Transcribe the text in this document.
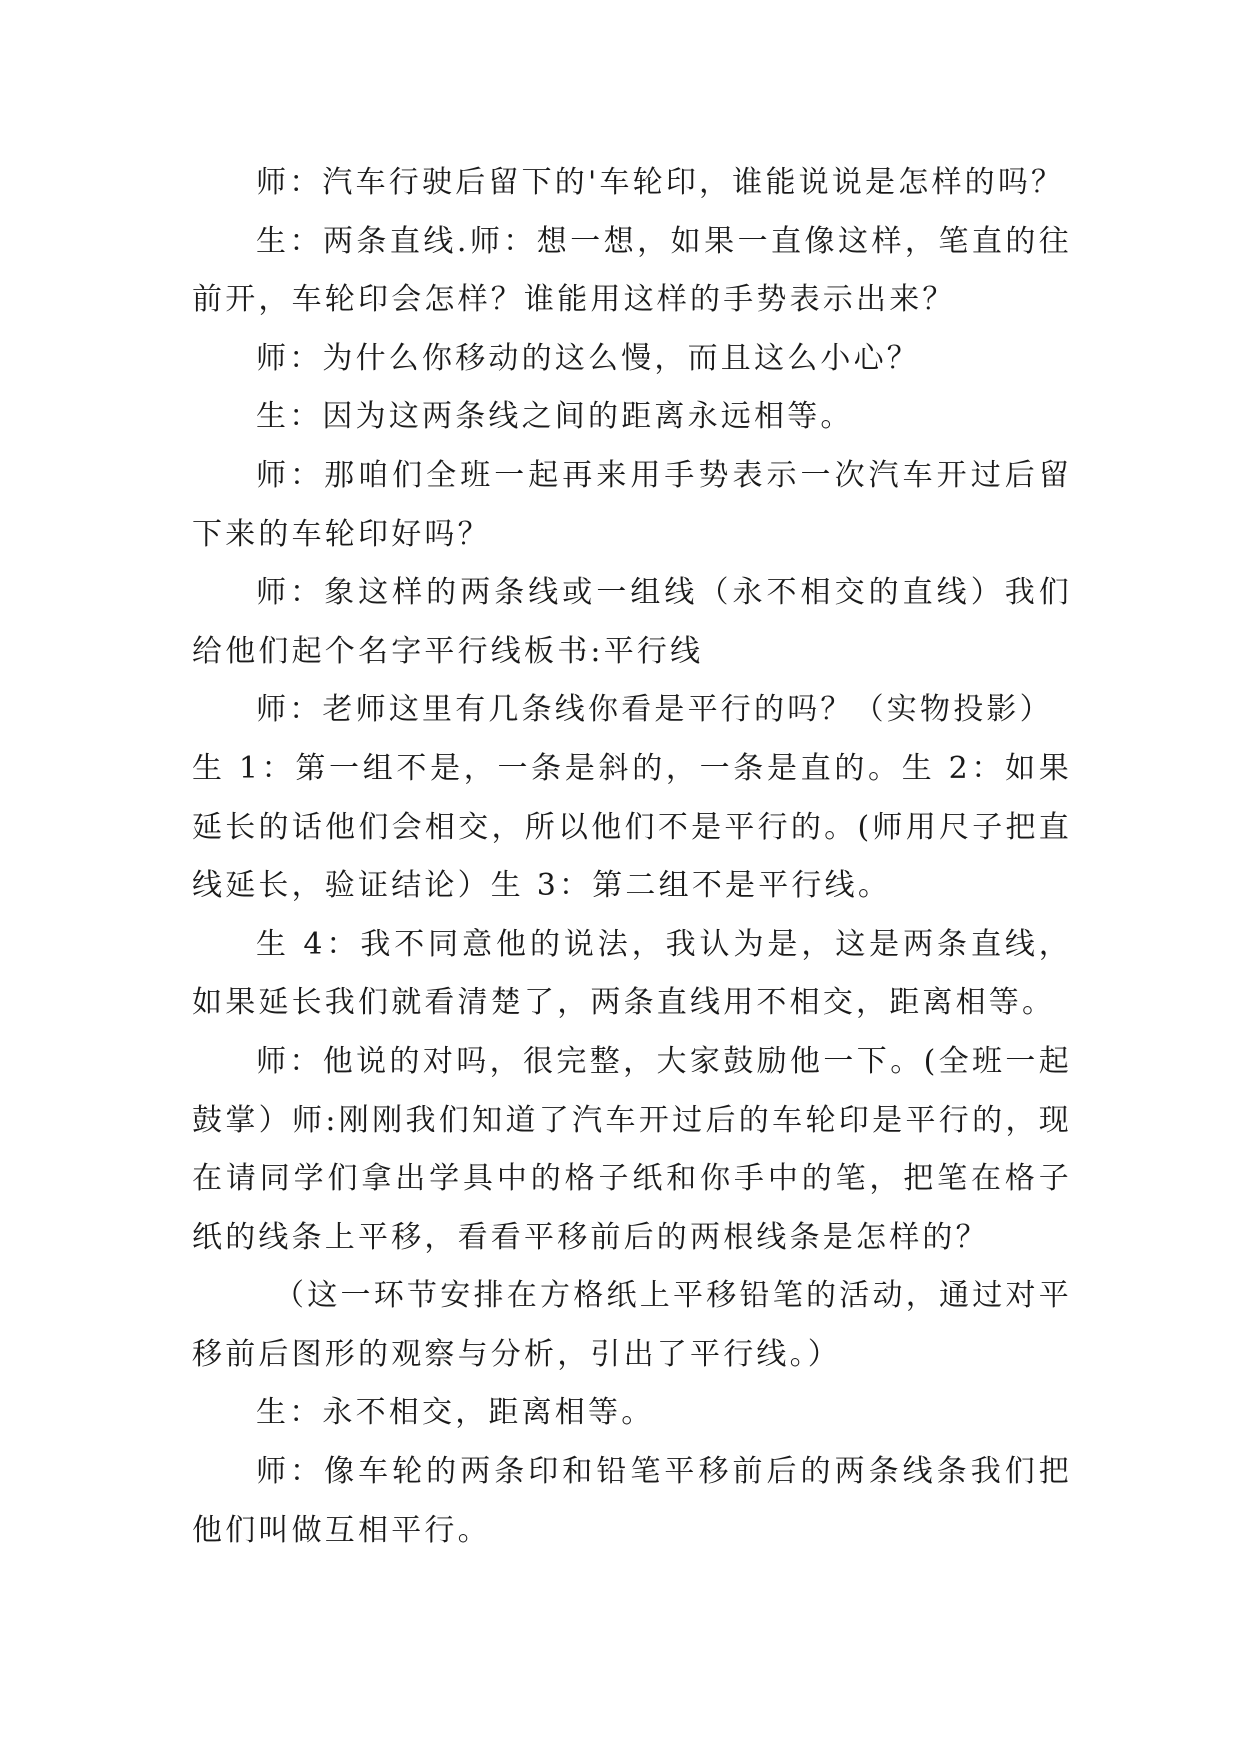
师：汽车行驶后留下的'车轮印，谁能说说是怎样的吗？

生：两条直线.师：想一想，如果一直像这样，笔直的往前开，车轮印会怎样？谁能用这样的手势表示出来？

师：为什么你移动的这么慢，而且这么小心？

生：因为这两条线之间的距离永远相等。

师：那咱们全班一起再来用手势表示一次汽车开过后留下来的车轮印好吗？

师：象这样的两条线或一组线（永不相交的直线）我们给他们起个名字平行线板书:平行线

师：老师这里有几条线你看是平行的吗？（实物投影）

生 1：第一组不是，一条是斜的，一条是直的。生 2：如果延长的话他们会相交，所以他们不是平行的。(师用尺子把直线延长，验证结论）生 3：第二组不是平行线。

生 4：我不同意他的说法，我认为是，这是两条直线，如果延长我们就看清楚了，两条直线用不相交，距离相等。

师：他说的对吗，很完整，大家鼓励他一下。(全班一起鼓掌）师:刚刚我们知道了汽车开过后的车轮印是平行的，现在请同学们拿出学具中的格子纸和你手中的笔，把笔在格子纸的线条上平移，看看平移前后的两根线条是怎样的？

（这一环节安排在方格纸上平移铅笔的活动，通过对平移前后图形的观察与分析，引出了平行线。）

生：永不相交，距离相等。

师：像车轮的两条印和铅笔平移前后的两条线条我们把他们叫做互相平行。
